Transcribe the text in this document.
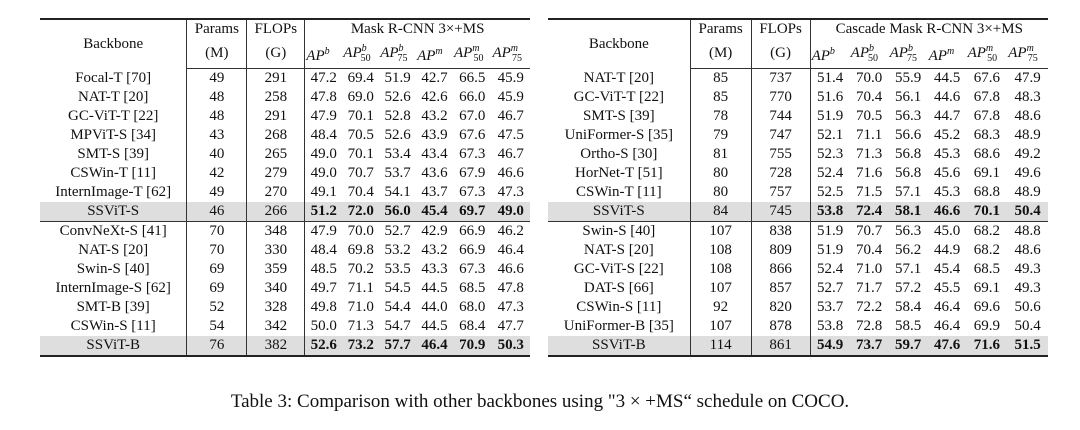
Backbone	Params	FLOPs	Mask R-CNN 3×+MS					
	(M)	(G)	$AP^b$	$AP^b_{50}$	$AP^b_{75}$	$AP^m$	$AP^m_{50}$	$AP^m_{75}$
Focal-T [70]	49	291	47.2	69.4	51.9	42.7	66.5	45.9
NAT-T [20]	48	258	47.8	69.0	52.6	42.6	66.0	45.9
GC-ViT-T [22]	48	291	47.9	70.1	52.8	43.2	67.0	46.7
MPViT-S [34]	43	268	48.4	70.5	52.6	43.9	67.6	47.5
SMT-S [39]	40	265	49.0	70.1	53.4	43.4	67.3	46.7
CSWin-T [11]	42	279	49.0	70.7	53.7	43.6	67.9	46.6
InternImage-T [62]	49	270	49.1	70.4	54.1	43.7	67.3	47.3
SSViT-S	46	266	51.2	72.0	56.0	45.4	69.7	49.0
ConvNeXt-S [41]	70	348	47.9	70.0	52.7	42.9	66.9	46.2
NAT-S [20]	70	330	48.4	69.8	53.2	43.2	66.9	46.4
Swin-S [40]	69	359	48.5	70.2	53.5	43.3	67.3	46.6
InternImage-S [62]	69	340	49.7	71.1	54.5	44.5	68.5	47.8
SMT-B [39]	52	328	49.8	71.0	54.4	44.0	68.0	47.3
CSWin-S [11]	54	342	50.0	71.3	54.7	44.5	68.4	47.7
SSViT-B	76	382	52.6	73.2	57.7	46.4	70.9	50.3
Backbone	Params	FLOPs	Cascade Mask R-CNN 3×+MS					
	(M)	(G)	$AP^b$	$AP^b_{50}$	$AP^b_{75}$	$AP^m$	$AP^m_{50}$	$AP^m_{75}$
NAT-T [20]	85	737	51.4	70.0	55.9	44.5	67.6	47.9
GC-ViT-T [22]	85	770	51.6	70.4	56.1	44.6	67.8	48.3
SMT-S [39]	78	744	51.9	70.5	56.3	44.7	67.8	48.6
UniFormer-S [35]	79	747	52.1	71.1	56.6	45.2	68.3	48.9
Ortho-S [30]	81	755	52.3	71.3	56.8	45.3	68.6	49.2
HorNet-T [51]	80	728	52.4	71.6	56.8	45.6	69.1	49.6
CSWin-T [11]	80	757	52.5	71.5	57.1	45.3	68.8	48.9
SSViT-S	84	745	53.8	72.4	58.1	46.6	70.1	50.4
Swin-S [40]	107	838	51.9	70.7	56.3	45.0	68.2	48.8
NAT-S [20]	108	809	51.9	70.4	56.2	44.9	68.2	48.6
GC-ViT-S [22]	108	866	52.4	71.0	57.1	45.4	68.5	49.3
DAT-S [66]	107	857	52.7	71.7	57.2	45.5	69.1	49.3
CSWin-S [11]	92	820	53.7	72.2	58.4	46.4	69.6	50.6
UniFormer-B [35]	107	878	53.8	72.8	58.5	46.4	69.9	50.4
SSViT-B	114	861	54.9	73.7	59.7	47.6	71.6	51.5
Table 3: Comparison with other backbones using "3 × +MS“ schedule on COCO.
